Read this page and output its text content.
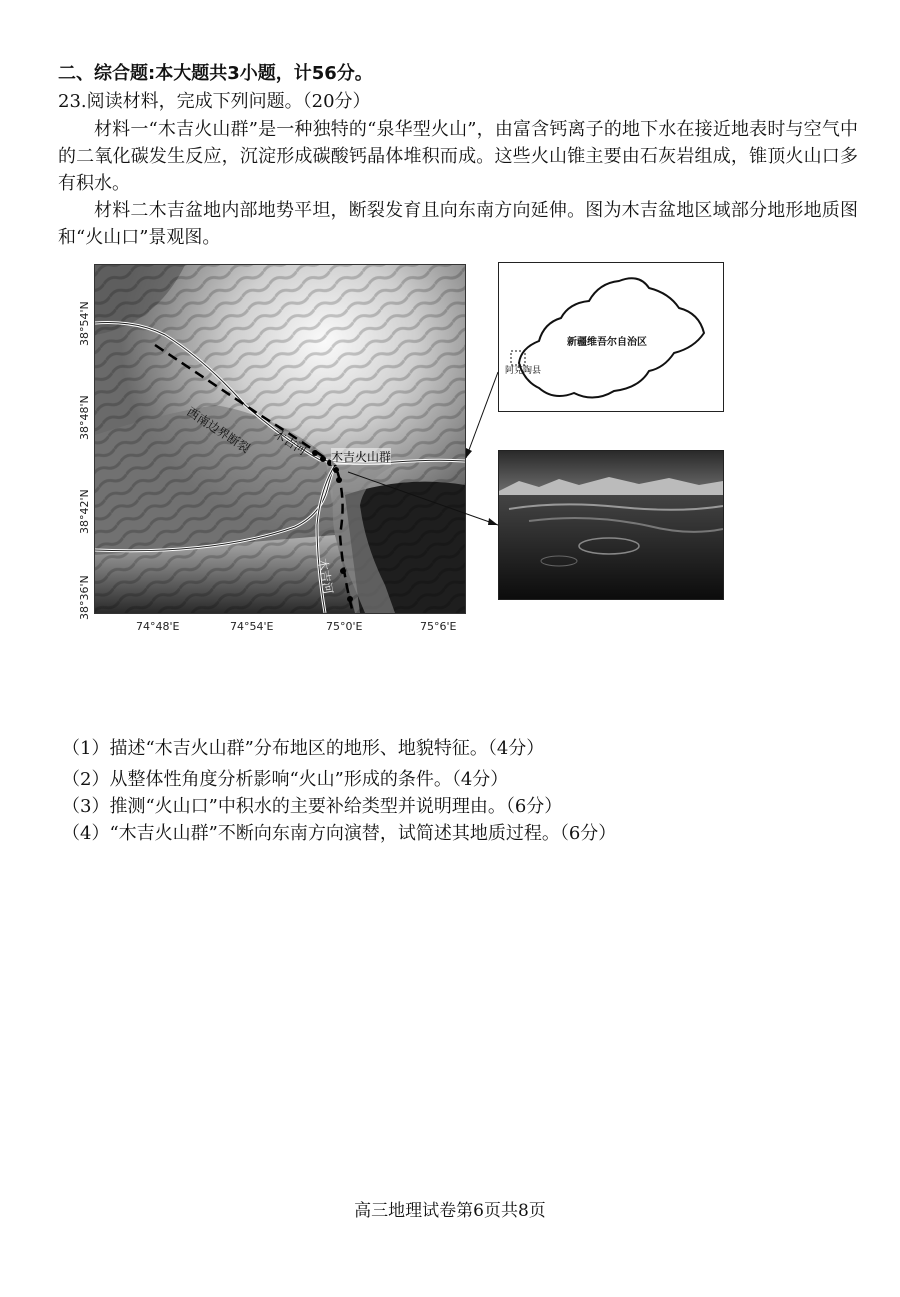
二、综合题:本大题共3小题，计56分。
23.阅读材料，完成下列问题。（20分）
材料一“木吉火山群”是一种独特的“泉华型火山”，由富含钙离子的地下水在接近地表时与空气中的二氧化碳发生反应，沉淀形成碳酸钙晶体堆积而成。这些火山锥主要由石灰岩组成，锥顶火山口多有积水。
材料二木吉盆地内部地势平坦，断裂发育且向东南方向延伸。图为木吉盆地区域部分地形地质图和“火山口”景观图。
西南边界断裂 木吉河 木吉火山群
木吉河
38°54'N
38°48'N
38°42'N
38°36'N
74°48'E	74°54'E	75°0'E	75°6'E
新疆维吾尔自治区
阿克陶县
（1）描述“木吉火山群”分布地区的地形、地貌特征。（4分）
（2）从整体性角度分析影响“火山”形成的条件。（4分）
（3）推测“火山口”中积水的主要补给类型并说明理由。（6分）
（4）“木吉火山群”不断向东南方向演替，试简述其地质过程。（6分）
高三地理试卷第6页共8页
